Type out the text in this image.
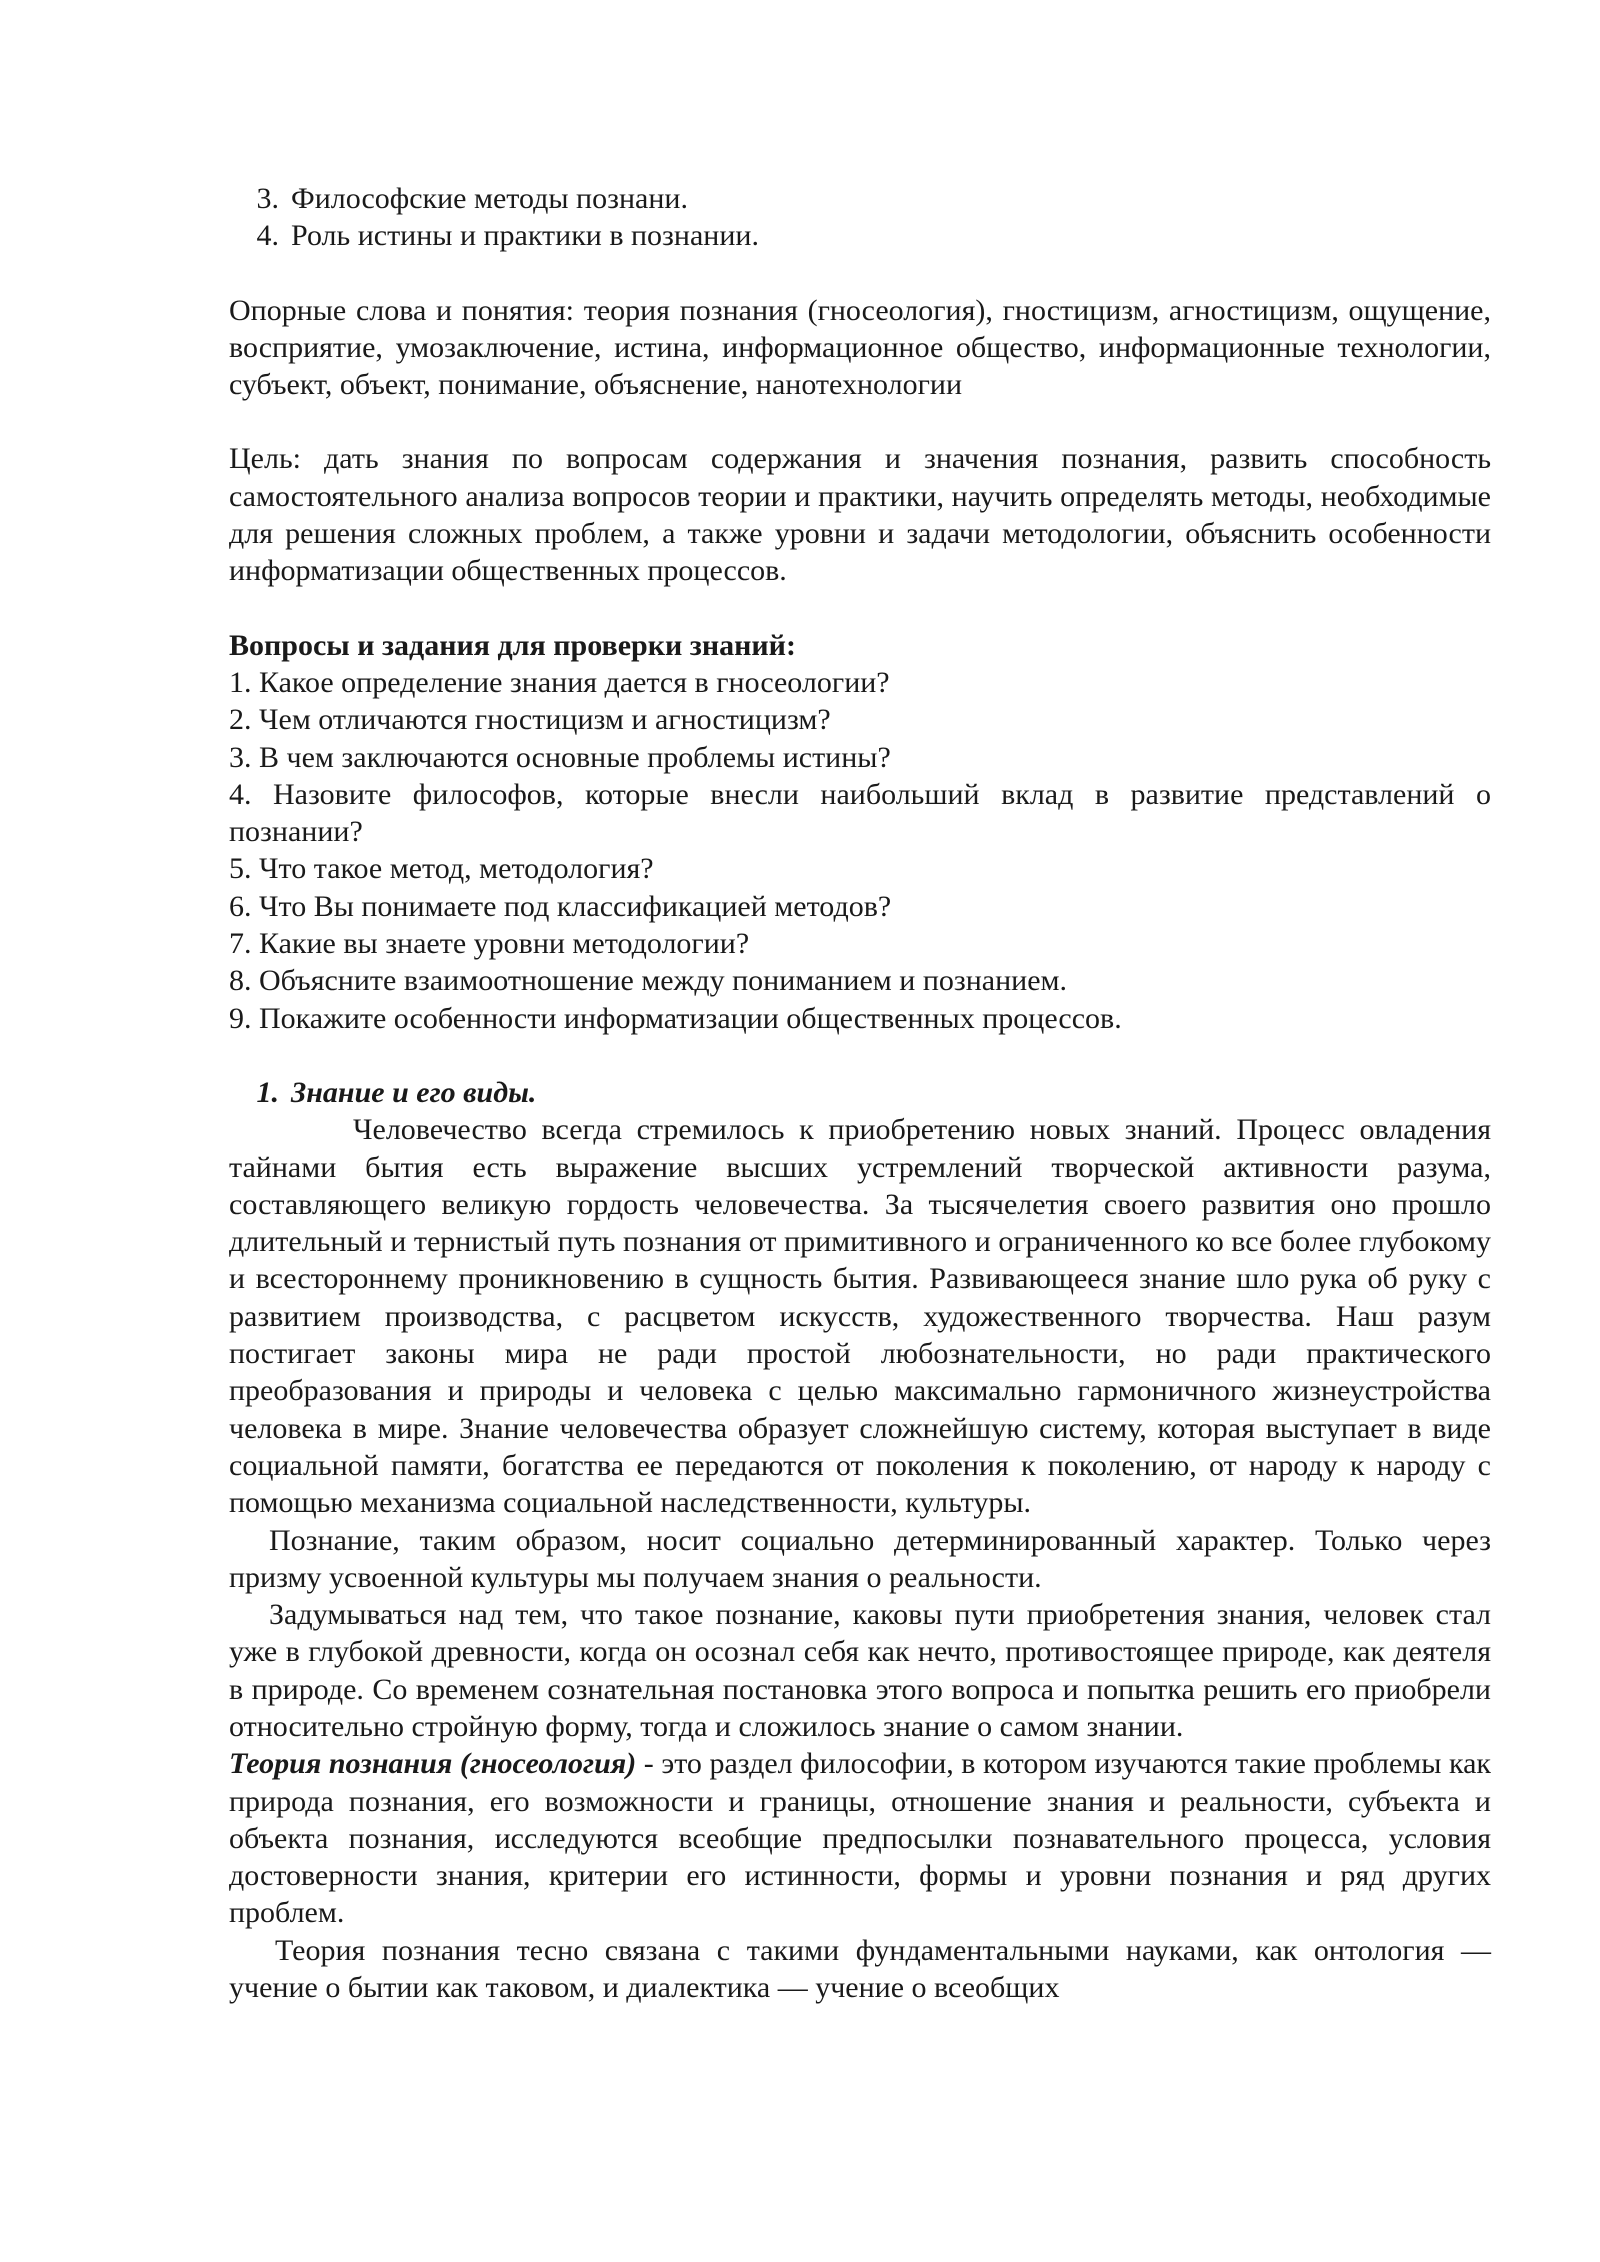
3. Философские методы познани.
4. Роль истины и практики в познании.

Опорные слова и понятия: теория познания (гносеология), гностицизм, агностицизм, ощущение, восприятие, умозаключение, истина, информационное общество, информационные технологии, субъект, объект, понимание, объяснение, нанотехнологии

Цель: дать знания по вопросам содержания и значения познания, развить способность самостоятельного анализа вопросов теории и практики, научить определять методы, необходимые для решения сложных проблем, а также уровни и задачи методологии, объяснить особенности информатизации общественных процессов.

Вопросы и задания для проверки знаний:
1. Какое определение знания дается в гносеологии?
2. Чем отличаются гностицизм и агностицизм?
3. В чем заключаются основные проблемы истины?
4. Назовите философов, которые внесли наибольший вклад в развитие представлений о познании?
5. Что такое метод, методология?
6. Что Вы понимаете под классификацией методов?
7. Какие вы знаете уровни методологии?
8. Объясните взаимоотношение между пониманием и познанием.
9. Покажите особенности информатизации общественных процессов.
1. Знание и его виды.

Человечество всегда стремилось к приобретению новых знаний. Процесс овладения тайнами бытия есть выражение высших устремлений творческой активности разума, составляющего великую гордость человечества. За тысячелетия своего развития оно прошло длительный и тернистый путь познания от примитивного и ограниченного ко все более глубокому и всестороннему проникновению в сущность бытия. Развивающееся знание шло рука об руку с развитием производства, с расцветом искусств, художественного творчества. Наш разум постигает законы мира не ради простой любознательности, но ради практического преобразования и природы и человека с целью максимально гармоничного жизнеустройства человека в мире. Знание человечества образует сложнейшую систему, которая выступает в виде социальной памяти, богатства ее передаются от поколения к поколению, от народу к народу с помощью механизма социальной наследственности, культуры.

Познание, таким образом, носит социально детерминированный характер. Только через призму усвоенной культуры мы получаем знания о реальности.

Задумываться над тем, что такое познание, каковы пути приобретения знания, человек стал уже в глубокой древности, когда он осознал себя как нечто, противостоящее природе, как деятеля в природе. Со временем сознательная постановка этого вопроса и попытка решить его приобрели относительно стройную форму, тогда и сложилось знание о самом знании.

Теория познания (гносеология) - это раздел философии, в котором изучаются такие проблемы как природа познания, его возможности и границы, отношение знания и реальности, субъекта и объекта познания, исследуются всеобщие предпосылки познавательного процесса, условия достоверности знания, критерии его истинности, формы и уровни познания и ряд других проблем.

Теория познания тесно связана с такими фундаментальными науками, как онтология — учение о бытии как таковом, и диалектика — учение о всеобщих
